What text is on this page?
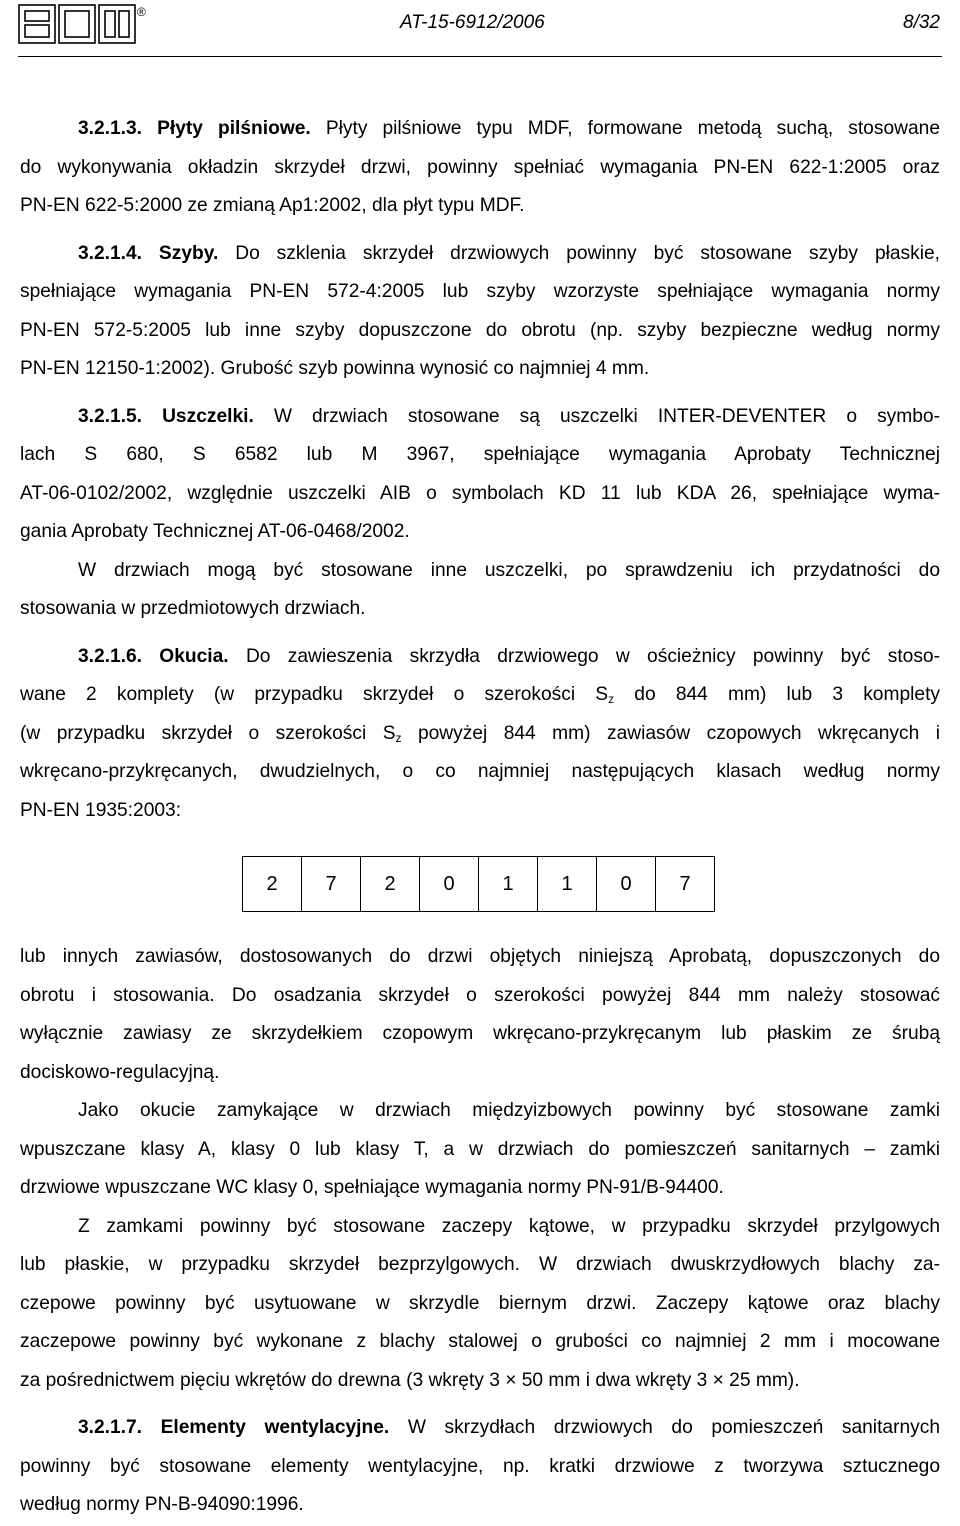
®	AT-15-6912/2006	8/32
3.2.1.3. Płyty pilśniowe. Płyty pilśniowe typu MDF, formowane metodą suchą, stosowane
do wykonywania okładzin skrzydeł drzwi, powinny spełniać wymagania PN-EN 622-1:2005 oraz
PN-EN 622-5:2000 ze zmianą Ap1:2002, dla płyt typu MDF.
3.2.1.4. Szyby. Do szklenia skrzydeł drzwiowych powinny być stosowane szyby płaskie,
spełniające wymagania PN-EN 572-4:2005 lub szyby wzorzyste spełniające wymagania normy
PN-EN 572-5:2005 lub inne szyby dopuszczone do obrotu (np. szyby bezpieczne według normy
PN-EN 12150-1:2002). Grubość szyb powinna wynosić co najmniej 4 mm.
3.2.1.5. Uszczelki. W drzwiach stosowane są uszczelki INTER-DEVENTER o symbo-
lach S 680, S 6582 lub M 3967, spełniające wymagania Aprobaty Technicznej
AT-06-0102/2002, względnie uszczelki AIB o symbolach KD 11 lub KDA 26, spełniające wyma-
gania Aprobaty Technicznej AT-06-0468/2002.
W drzwiach mogą być stosowane inne uszczelki, po sprawdzeniu ich przydatności do
stosowania w przedmiotowych drzwiach.
3.2.1.6. Okucia. Do zawieszenia skrzydła drzwiowego w ościeżnicy powinny być stoso-
wane 2 komplety (w przypadku skrzydeł o szerokości $S_z$ do 844 mm) lub 3 komplety
(w przypadku skrzydeł o szerokości $S_z$ powyżej 844 mm) zawiasów czopowych wkręcanych i
wkręcano-przykręcanych, dwudzielnych, o co najmniej następujących klasach według normy
PN-EN 1935:2003:
2	7	2	0	1	1	0	7
lub innych zawiasów, dostosowanych do drzwi objętych niniejszą Aprobatą, dopuszczonych do
obrotu i stosowania. Do osadzania skrzydeł o szerokości powyżej 844 mm należy stosować
wyłącznie zawiasy ze skrzydełkiem czopowym wkręcano-przykręcanym lub płaskim ze śrubą
dociskowo-regulacyjną.
Jako okucie zamykające w drzwiach międzyizbowych powinny być stosowane zamki
wpuszczane klasy A, klasy 0 lub klasy T, a w drzwiach do pomieszczeń sanitarnych – zamki
drzwiowe wpuszczane WC klasy 0, spełniające wymagania normy PN-91/B-94400.
Z zamkami powinny być stosowane zaczepy kątowe, w przypadku skrzydeł przylgowych
lub płaskie, w przypadku skrzydeł bezprzylgowych. W drzwiach dwuskrzydłowych blachy za-
czepowe powinny być usytuowane w skrzydle biernym drzwi. Zaczepy kątowe oraz blachy
zaczepowe powinny być wykonane z blachy stalowej o grubości co najmniej 2 mm i mocowane
za pośrednictwem pięciu wkrętów do drewna (3 wkręty 3 × 50 mm i dwa wkręty 3 × 25 mm).
3.2.1.7. Elementy wentylacyjne. W skrzydłach drzwiowych do pomieszczeń sanitarnych
powinny być stosowane elementy wentylacyjne, np. kratki drzwiowe z tworzywa sztucznego
według normy PN-B-94090:1996.
